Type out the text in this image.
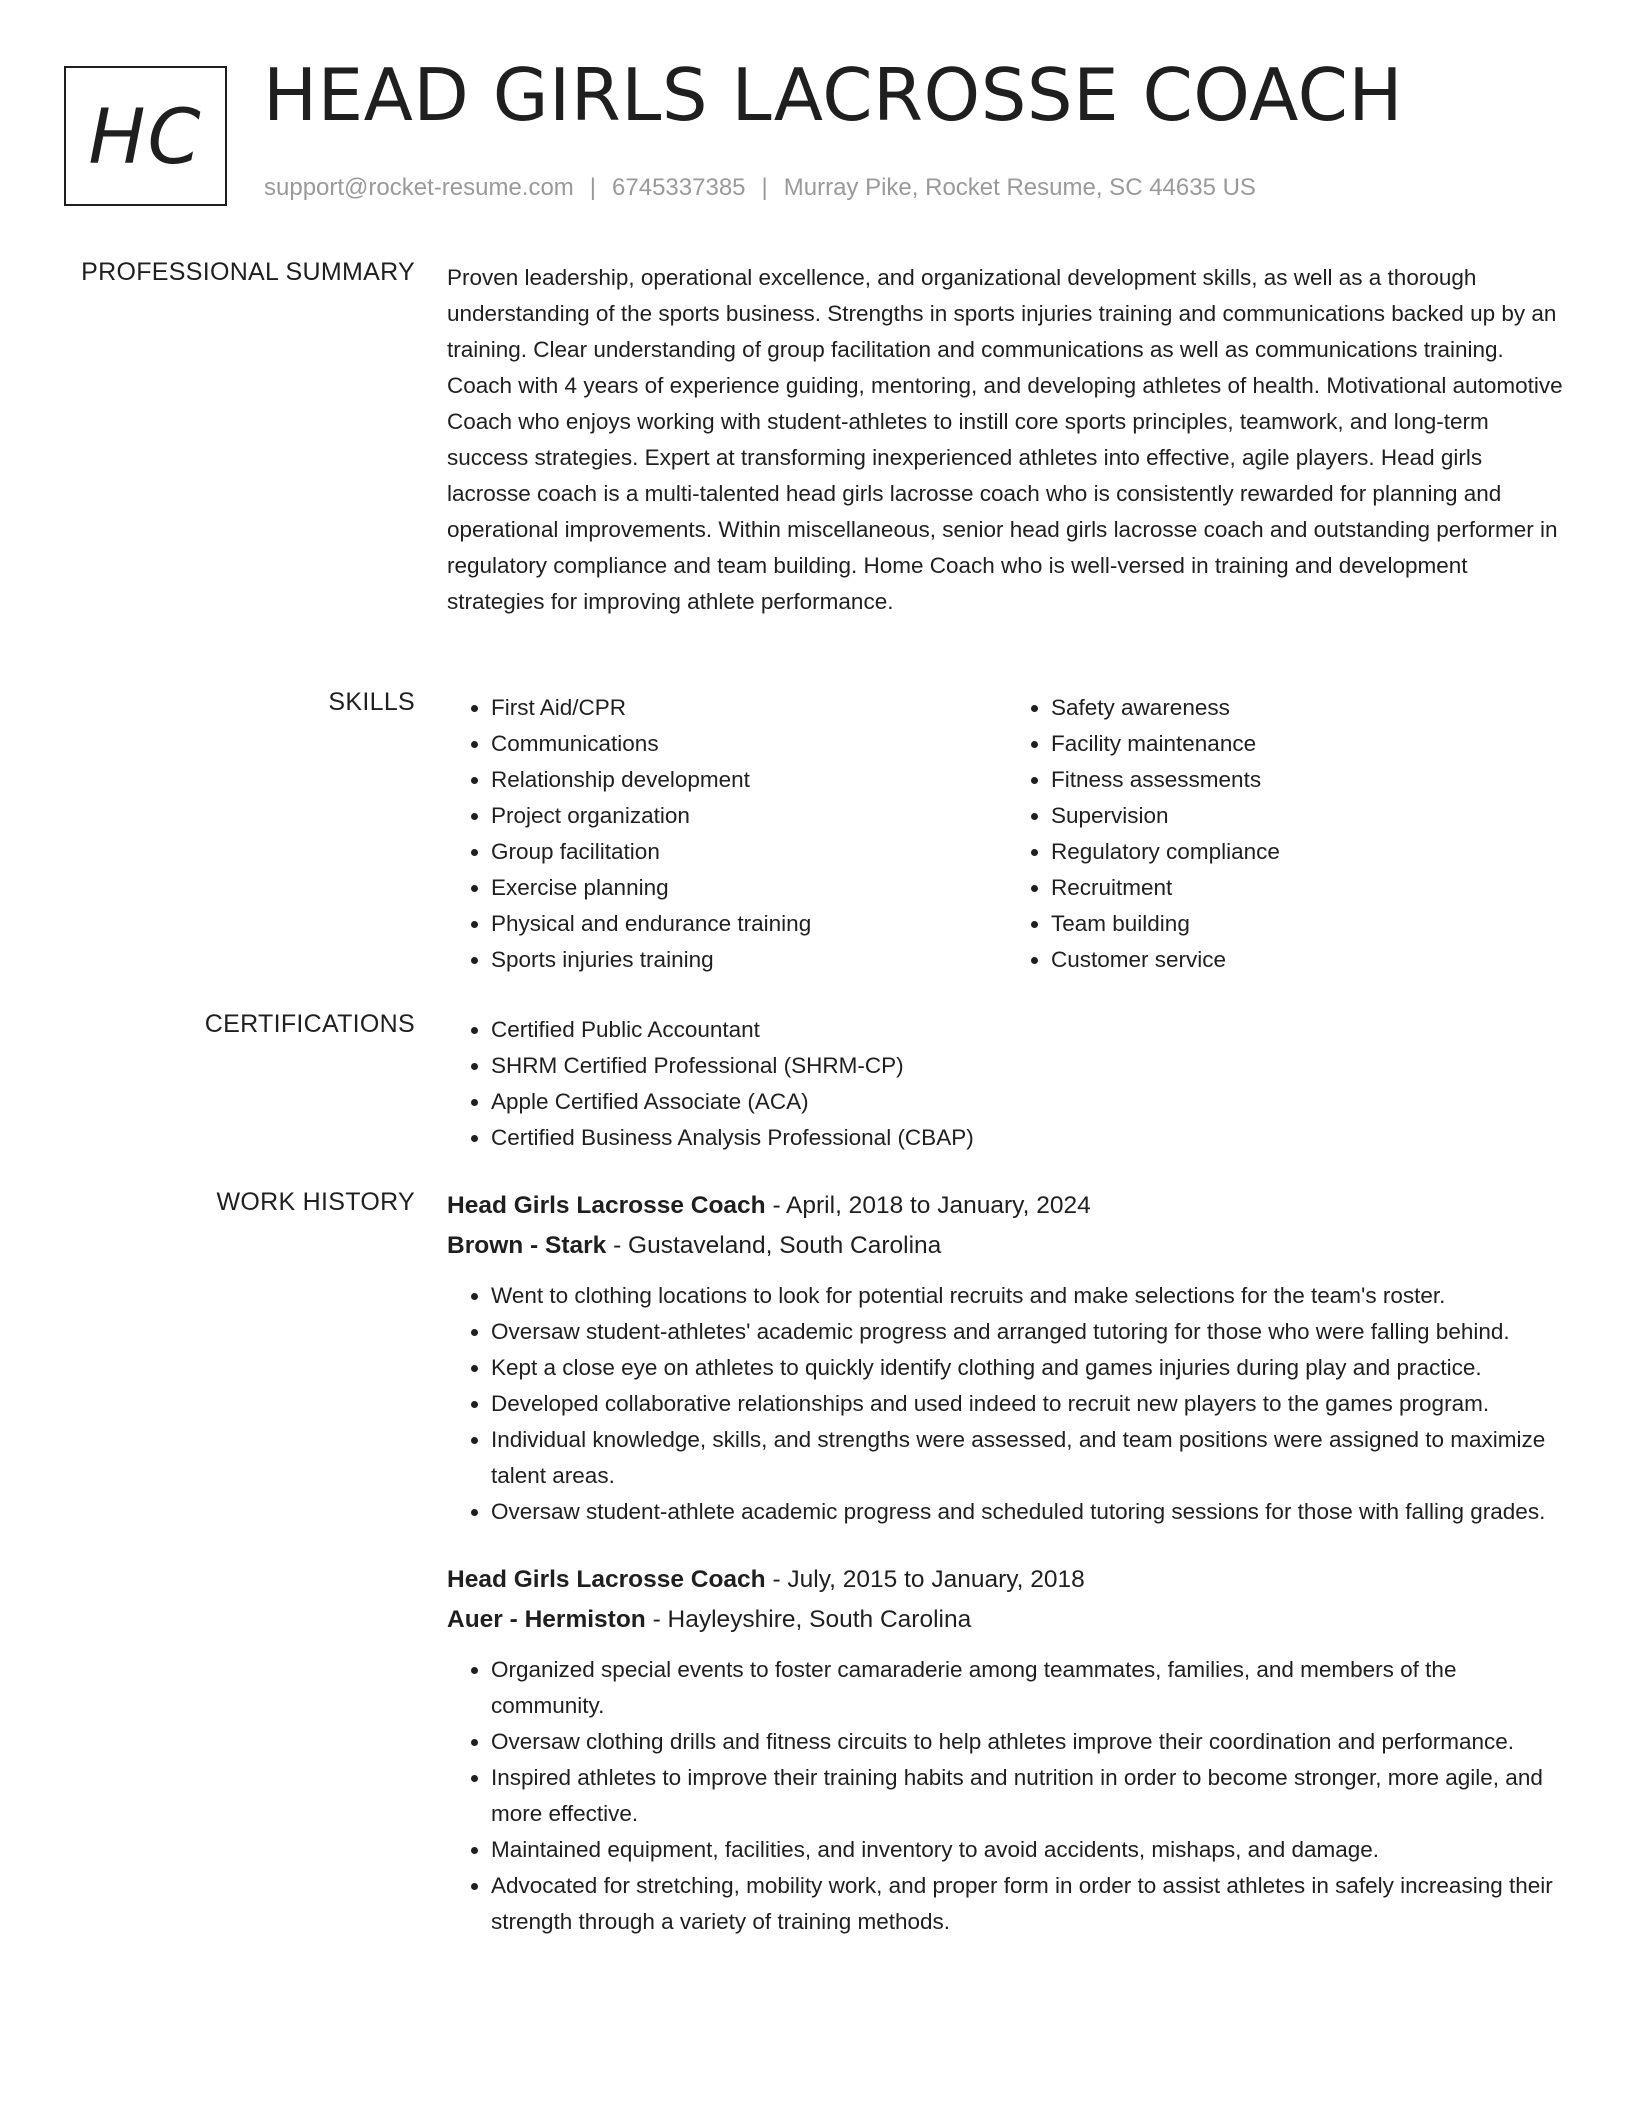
HC HEAD GIRLS LACROSSE COACH
support@rocket-resume.com | 6745337385 | Murray Pike, Rocket Resume, SC 44635 US
PROFESSIONAL SUMMARY Proven leadership, operational excellence, and organizational development skills, as well as a thorough understanding of the sports business. Strengths in sports injuries training and communications backed up by an training. Clear understanding of group facilitation and communications as well as communications training. Coach with 4 years of experience guiding, mentoring, and developing athletes of health. Motivational automotive Coach who enjoys working with student-athletes to instill core sports principles, teamwork, and long-term success strategies. Expert at transforming inexperienced athletes into effective, agile players. Head girls lacrosse coach is a multi-talented head girls lacrosse coach who is consistently rewarded for planning and operational improvements. Within miscellaneous, senior head girls lacrosse coach and outstanding performer in regulatory compliance and team building. Home Coach who is well-versed in training and development strategies for improving athlete performance.

SKILLS	• First Aid/CPR
• Communications
• Relationship development
• Project organization
• Group facilitation
• Exercise planning
• Physical and endurance training
• Sports injuries training
• Safety awareness
• Facility maintenance
• Fitness assessments
• Supervision
• Regulatory compliance
• Recruitment
• Team building
• Customer service
CERTIFICATIONS	• Certified Public Accountant
• SHRM Certified Professional (SHRM-CP)
• Apple Certified Associate (ACA)
• Certified Business Analysis Professional (CBAP)
WORK HISTORY Head Girls Lacrosse Coach - April, 2018 to January, 2024
Brown - Stark - Gustaveland, South Carolina
• Went to clothing locations to look for potential recruits and make selections for the team's roster.
• Oversaw student-athletes' academic progress and arranged tutoring for those who were falling behind.
• Kept a close eye on athletes to quickly identify clothing and games injuries during play and practice.
• Developed collaborative relationships and used indeed to recruit new players to the games program.
• Individual knowledge, skills, and strengths were assessed, and team positions were assigned to maximize talent areas.
• Oversaw student-athlete academic progress and scheduled tutoring sessions for those with falling grades.
Head Girls Lacrosse Coach - July, 2015 to January, 2018
Auer - Hermiston - Hayleyshire, South Carolina
• Organized special events to foster camaraderie among teammates, families, and members of the community.
• Oversaw clothing drills and fitness circuits to help athletes improve their coordination and performance.
• Inspired athletes to improve their training habits and nutrition in order to become stronger, more agile, and more effective.
• Maintained equipment, facilities, and inventory to avoid accidents, mishaps, and damage.
• Advocated for stretching, mobility work, and proper form in order to assist athletes in safely increasing their strength through a variety of training methods.
